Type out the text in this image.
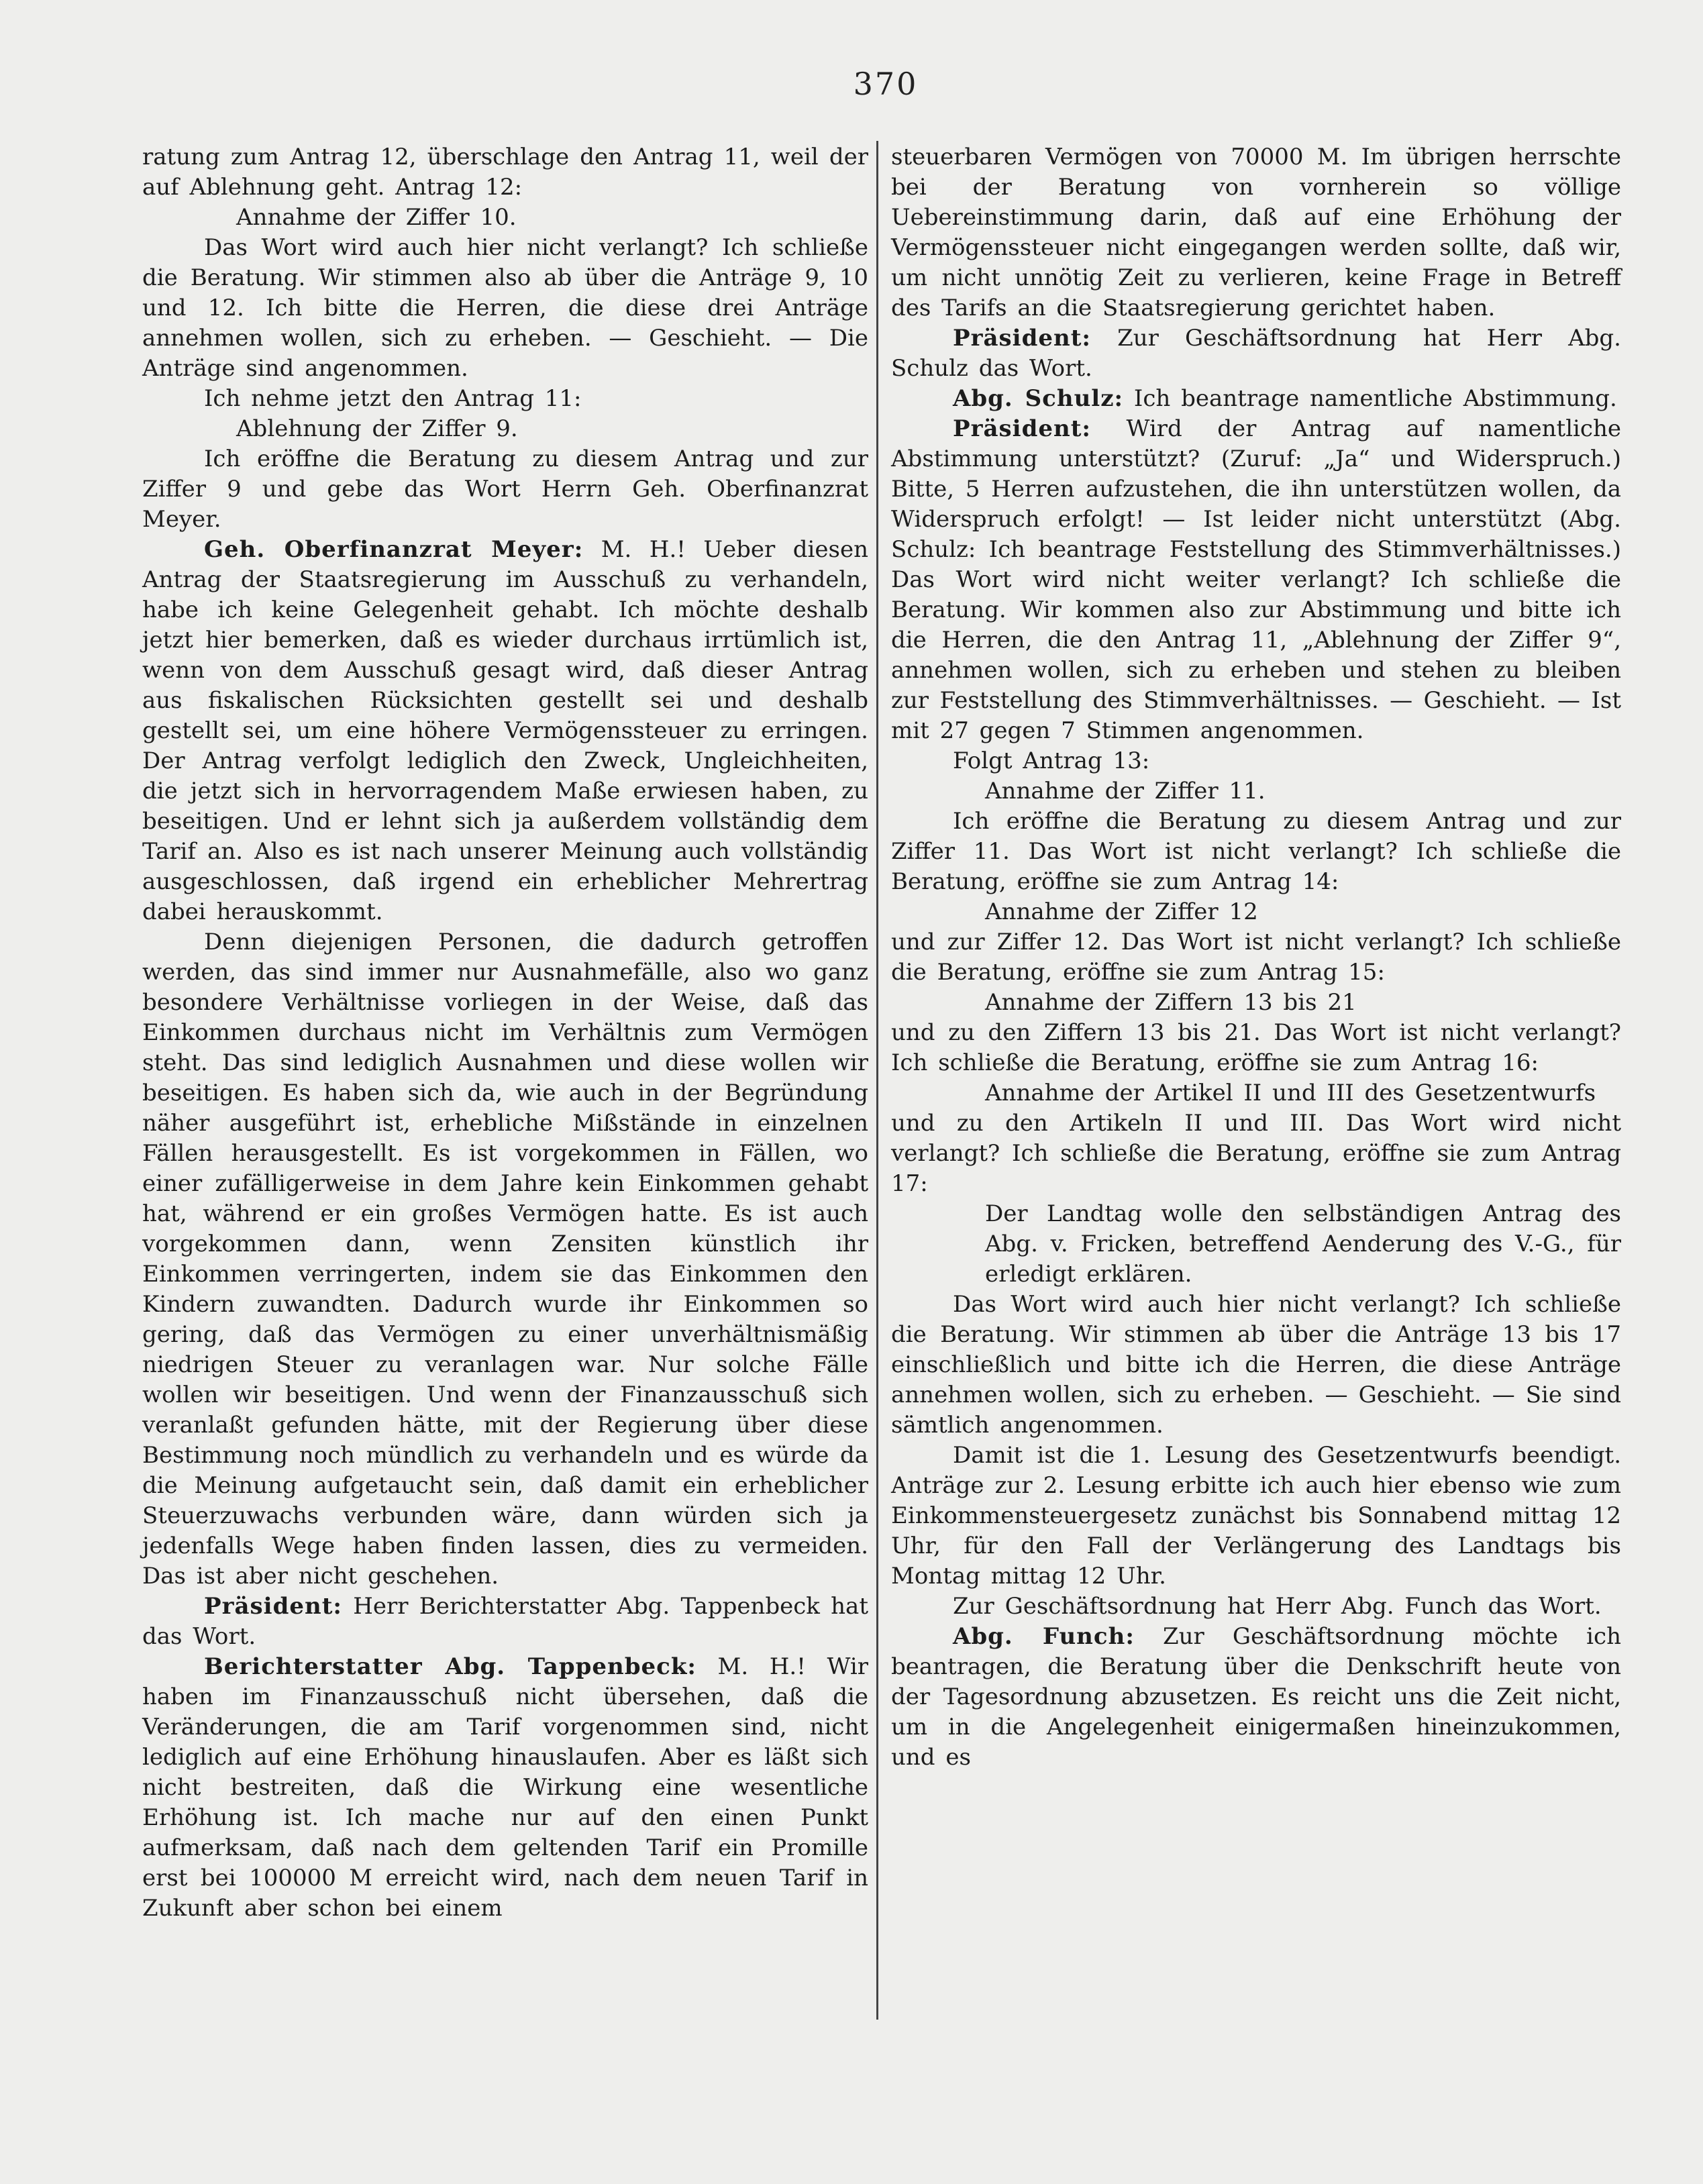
370

ratung zum Antrag 12, überschlage den Antrag 11, weil der auf Ablehnung geht. Antrag 12:

Annahme der Ziffer 10.

Das Wort wird auch hier nicht verlangt? Ich schließe die Beratung. Wir stimmen also ab über die Anträge 9, 10 und 12. Ich bitte die Herren, die diese drei Anträge annehmen wollen, sich zu erheben. — Geschieht. — Die Anträge sind angenommen.

Ich nehme jetzt den Antrag 11:

Ablehnung der Ziffer 9.

Ich eröffne die Beratung zu diesem Antrag und zur Ziffer 9 und gebe das Wort Herrn Geh. Oberfinanzrat Meyer.

Geh. Oberfinanzrat Meyer: M. H.! Ueber diesen Antrag der Staatsregierung im Ausschuß zu verhandeln, habe ich keine Gelegenheit gehabt. Ich möchte deshalb jetzt hier bemerken, daß es wieder durchaus irrtümlich ist, wenn von dem Ausschuß gesagt wird, daß dieser Antrag aus fiskalischen Rücksichten gestellt sei und deshalb gestellt sei, um eine höhere Vermögenssteuer zu erringen. Der Antrag verfolgt lediglich den Zweck, Ungleichheiten, die jetzt sich in hervorragendem Maße erwiesen haben, zu beseitigen. Und er lehnt sich ja außerdem vollständig dem Tarif an. Also es ist nach unserer Meinung auch vollständig ausgeschlossen, daß irgend ein erheblicher Mehrertrag dabei herauskommt.

Denn diejenigen Personen, die dadurch getroffen werden, das sind immer nur Ausnahmefälle, also wo ganz besondere Verhältnisse vorliegen in der Weise, daß das Einkommen durchaus nicht im Verhältnis zum Vermögen steht. Das sind lediglich Ausnahmen und diese wollen wir beseitigen. Es haben sich da, wie auch in der Begründung näher ausgeführt ist, erhebliche Mißstände in einzelnen Fällen herausgestellt. Es ist vorgekommen in Fällen, wo einer zufälligerweise in dem Jahre kein Einkommen gehabt hat, während er ein großes Vermögen hatte. Es ist auch vorgekommen dann, wenn Zensiten künstlich ihr Einkommen verringerten, indem sie das Einkommen den Kindern zuwandten. Dadurch wurde ihr Einkommen so gering, daß das Vermögen zu einer unverhältnismäßig niedrigen Steuer zu veranlagen war. Nur solche Fälle wollen wir beseitigen. Und wenn der Finanzausschuß sich veranlaßt gefunden hätte, mit der Regierung über diese Bestimmung noch mündlich zu verhandeln und es würde da die Meinung aufgetaucht sein, daß damit ein erheblicher Steuerzuwachs verbunden wäre, dann würden sich ja jedenfalls Wege haben finden lassen, dies zu vermeiden. Das ist aber nicht geschehen.

Präsident: Herr Berichterstatter Abg. Tappenbeck hat das Wort.

Berichterstatter Abg. Tappenbeck: M. H.! Wir haben im Finanzausschuß nicht übersehen, daß die Veränderungen, die am Tarif vorgenommen sind, nicht lediglich auf eine Erhöhung hinauslaufen. Aber es läßt sich nicht bestreiten, daß die Wirkung eine wesentliche Erhöhung ist. Ich mache nur auf den einen Punkt aufmerksam, daß nach dem geltenden Tarif ein Promille erst bei 100000 M erreicht wird, nach dem neuen Tarif in Zukunft aber schon bei einem

steuerbaren Vermögen von 70000 M. Im übrigen herrschte bei der Beratung von vornherein so völlige Uebereinstimmung darin, daß auf eine Erhöhung der Vermögenssteuer nicht eingegangen werden sollte, daß wir, um nicht unnötig Zeit zu verlieren, keine Frage in Betreff des Tarifs an die Staatsregierung gerichtet haben.

Präsident: Zur Geschäftsordnung hat Herr Abg. Schulz das Wort.

Abg. Schulz: Ich beantrage namentliche Abstimmung.

Präsident: Wird der Antrag auf namentliche Abstimmung unterstützt? (Zuruf: „Ja“ und Widerspruch.) Bitte, 5 Herren aufzustehen, die ihn unterstützen wollen, da Widerspruch erfolgt! — Ist leider nicht unterstützt (Abg. Schulz: Ich beantrage Feststellung des Stimmverhältnisses.) Das Wort wird nicht weiter verlangt? Ich schließe die Beratung. Wir kommen also zur Abstimmung und bitte ich die Herren, die den Antrag 11, „Ablehnung der Ziffer 9“, annehmen wollen, sich zu erheben und stehen zu bleiben zur Feststellung des Stimmverhältnisses. — Geschieht. — Ist mit 27 gegen 7 Stimmen angenommen.

Folgt Antrag 13:

Annahme der Ziffer 11.

Ich eröffne die Beratung zu diesem Antrag und zur Ziffer 11. Das Wort ist nicht verlangt? Ich schließe die Beratung, eröffne sie zum Antrag 14:

Annahme der Ziffer 12

und zur Ziffer 12. Das Wort ist nicht verlangt? Ich schließe die Beratung, eröffne sie zum Antrag 15:

Annahme der Ziffern 13 bis 21

und zu den Ziffern 13 bis 21. Das Wort ist nicht verlangt? Ich schließe die Beratung, eröffne sie zum Antrag 16:

Annahme der Artikel II und III des Gesetzentwurfs

und zu den Artikeln II und III. Das Wort wird nicht verlangt? Ich schließe die Beratung, eröffne sie zum Antrag 17:

Der Landtag wolle den selbständigen Antrag des Abg. v. Fricken, betreffend Aenderung des V.-G., für erledigt erklären.

Das Wort wird auch hier nicht verlangt? Ich schließe die Beratung. Wir stimmen ab über die Anträge 13 bis 17 einschließlich und bitte ich die Herren, die diese Anträge annehmen wollen, sich zu erheben. — Geschieht. — Sie sind sämtlich angenommen.

Damit ist die 1. Lesung des Gesetzentwurfs beendigt. Anträge zur 2. Lesung erbitte ich auch hier ebenso wie zum Einkommensteuergesetz zunächst bis Sonnabend mittag 12 Uhr, für den Fall der Verlängerung des Landtags bis Montag mittag 12 Uhr.

Zur Geschäftsordnung hat Herr Abg. Funch das Wort.

Abg. Funch: Zur Geschäftsordnung möchte ich beantragen, die Beratung über die Denkschrift heute von der Tagesordnung abzusetzen. Es reicht uns die Zeit nicht, um in die Angelegenheit einigermaßen hineinzukommen, und es
